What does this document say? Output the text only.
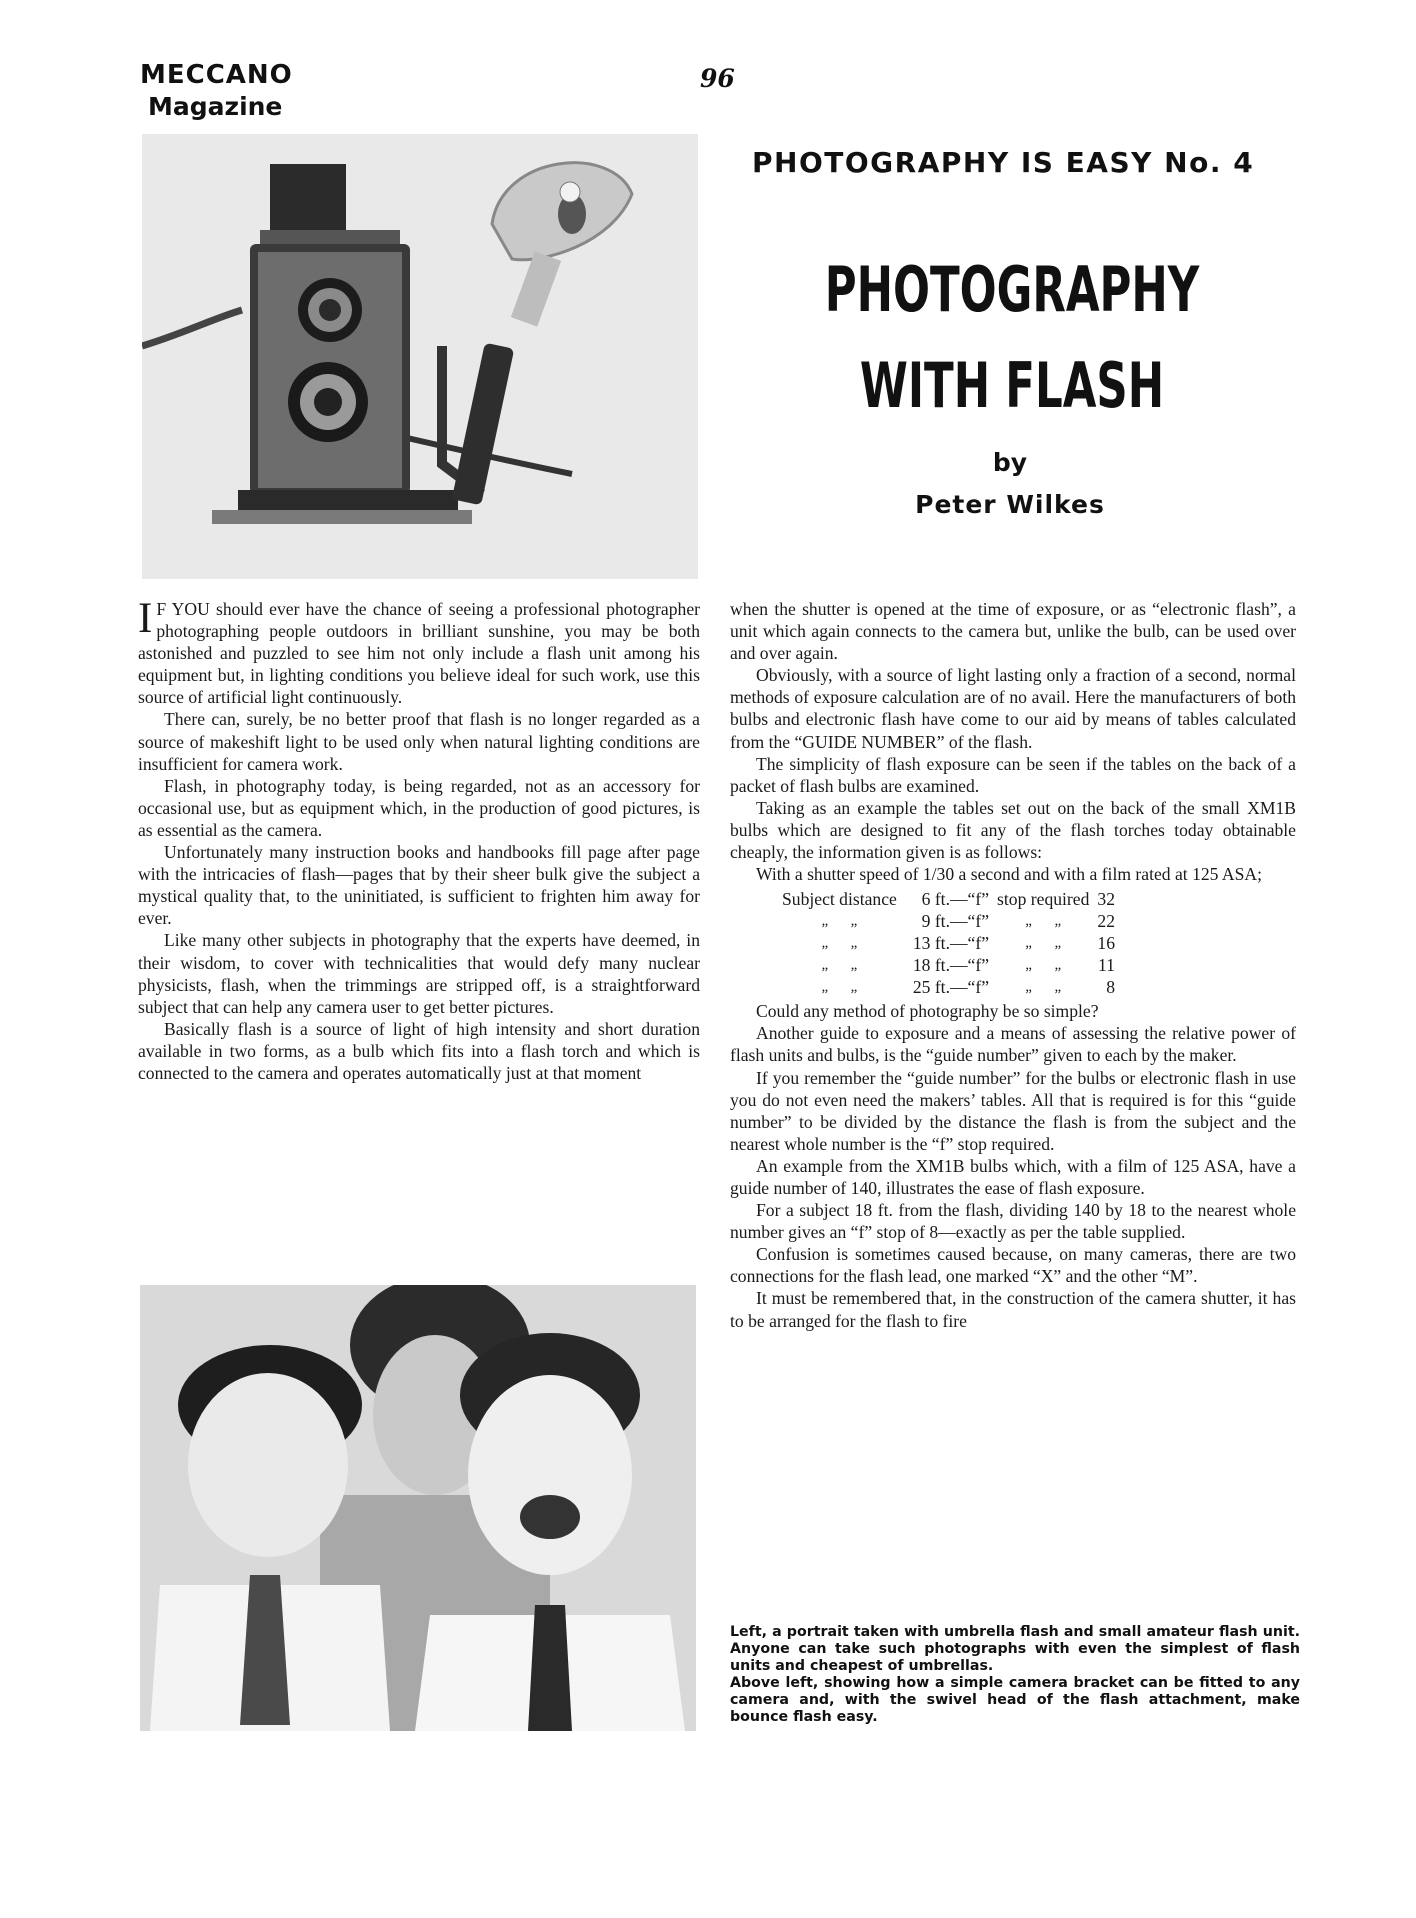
MECCANO
Magazine
96
PHOTOGRAPHY IS EASY No. 4
PHOTOGRAPHY
WITH FLASH
by
Peter Wilkes

I F YOU should ever have the chance of seeing a professional photographer photographing people outdoors in brilliant sunshine, you may be both astonished and puzzled to see him not only include a flash unit among his equipment but, in lighting conditions you believe ideal for such work, use this source of artificial light continuously.

There can, surely, be no better proof that flash is no longer regarded as a source of makeshift light to be used only when natural lighting conditions are insufficient for camera work.

Flash, in photography today, is being regarded, not as an accessory for occasional use, but as equipment which, in the production of good pictures, is as essential as the camera.

Unfortunately many instruction books and handbooks fill page after page with the intricacies of flash—pages that by their sheer bulk give the subject a mystical quality that, to the uninitiated, is sufficient to frighten him away for ever.

Like many other subjects in photography that the experts have deemed, in their wisdom, to cover with technicalities that would defy many nuclear physicists, flash, when the trimmings are stripped off, is a straightforward subject that can help any camera user to get better pictures.

Basically flash is a source of light of high intensity and short duration available in two forms, as a bulb which fits into a flash torch and which is connected to the camera and operates automatically just at that moment

when the shutter is opened at the time of exposure, or as “electronic flash”, a unit which again connects to the camera but, unlike the bulb, can be used over and over again.

Obviously, with a source of light lasting only a fraction of a second, normal methods of exposure calculation are of no avail. Here the manufacturers of both bulbs and electronic flash have come to our aid by means of tables calculated from the “GUIDE NUMBER” of the flash.

The simplicity of flash exposure can be seen if the tables on the back of a packet of flash bulbs are examined.

Taking as an example the tables set out on the back of the small XM1B bulbs which are designed to fit any of the flash torches today obtainable cheaply, the information given is as follows:

With a shutter speed of 1/30 a second and with a film rated at 125 ASA;

Subject distance		6 ft.—“f”	stop required	32
„ „		9 ft.—“f”	„ „	22
„ „		13 ft.—“f”	„ „	16
„ „		18 ft.—“f”	„ „	11
„ „		25 ft.—“f”	„ „	8

Could any method of photography be so simple?

Another guide to exposure and a means of assessing the relative power of flash units and bulbs, is the “guide number” given to each by the maker.

If you remember the “guide number” for the bulbs or electronic flash in use you do not even need the makers’ tables. All that is required is for this “guide number” to be divided by the distance the flash is from the subject and the nearest whole number is the “f” stop required.

An example from the XM1B bulbs which, with a film of 125 ASA, have a guide number of 140, illustrates the ease of flash exposure.

For a subject 18 ft. from the flash, dividing 140 by 18 to the nearest whole number gives an “f” stop of 8—exactly as per the table supplied.

Confusion is sometimes caused because, on many cameras, there are two connections for the flash lead, one marked “X” and the other “M”.

It must be remembered that, in the construction of the camera shutter, it has to be arranged for the flash to fire

Left, a portrait taken with umbrella flash and small amateur flash unit. Anyone can take such photographs with even the simplest of flash units and cheapest of umbrellas.

Above left, showing how a simple camera bracket can be fitted to any camera and, with the swivel head of the flash attachment, make bounce flash easy.
